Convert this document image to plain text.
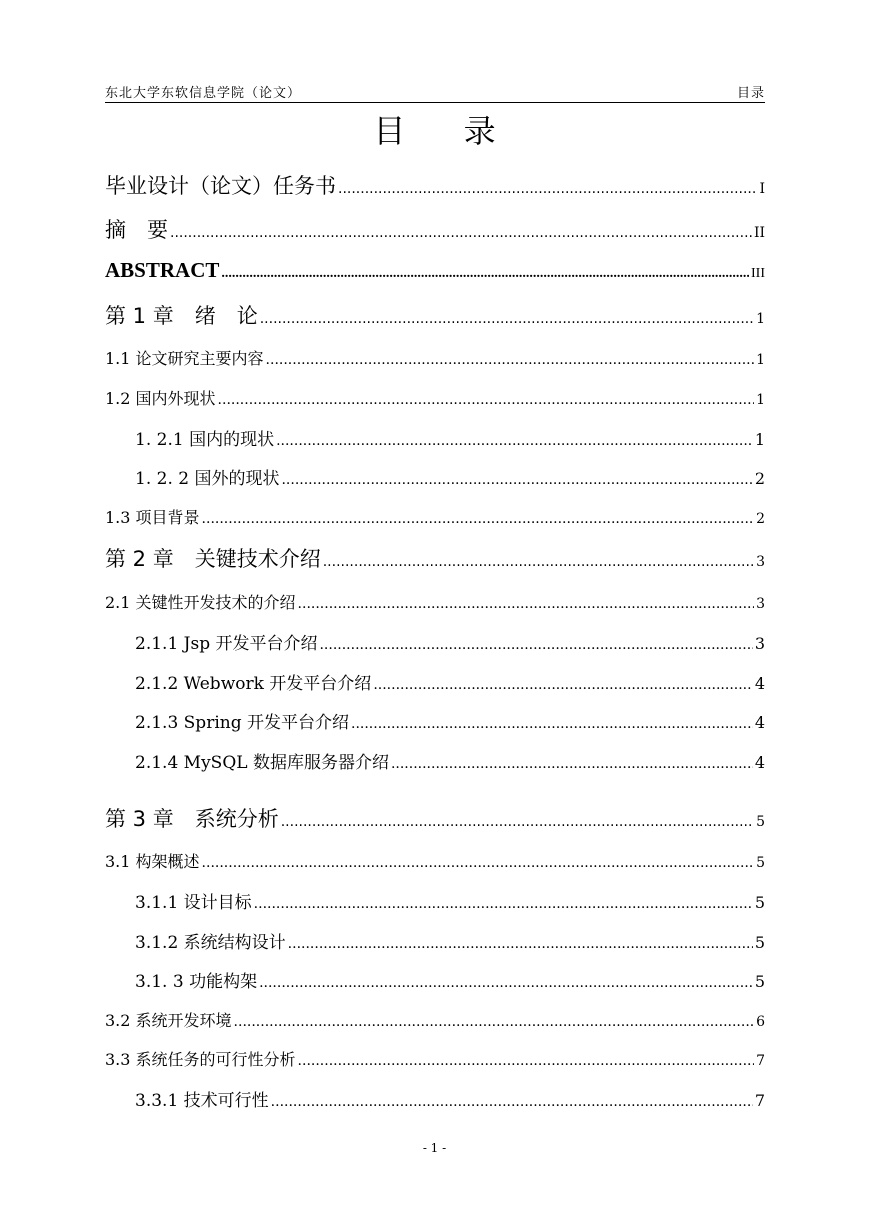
东北大学东软信息学院（论文）	目录
目 录
毕业设计（论文）任务书 .....	I
摘　要 .....	II
ABSTRACT .....	III
第 1 章　绪　论 .....	1
1.1 论文研究主要内容 .....	1
1.2 国内外现状 .....	1
1. 2.1 国内的现状 .....	1
1. 2. 2 国外的现状 .....	2
1.3 项目背景 .....	2
第 2 章　关键技术介绍 .....	3
2.1 关键性开发技术的介绍 .....	3
2.1.1 Jsp 开发平台介绍 .....	3
2.1.2 Webwork 开发平台介绍 .....	4
2.1.3 Spring 开发平台介绍 .....	4
2.1.4 MySQL 数据库服务器介绍 .....	4
第 3 章　系统分析 .....	5
3.1 构架概述 .....	5
3.1.1 设计目标 .....	5
3.1.2 系统结构设计 .....	5
3.1. 3 功能构架 .....	5
3.2 系统开发环境 .....	6
3.3 系统任务的可行性分析 .....	7
3.3.1 技术可行性 .....	7
- 1 -
